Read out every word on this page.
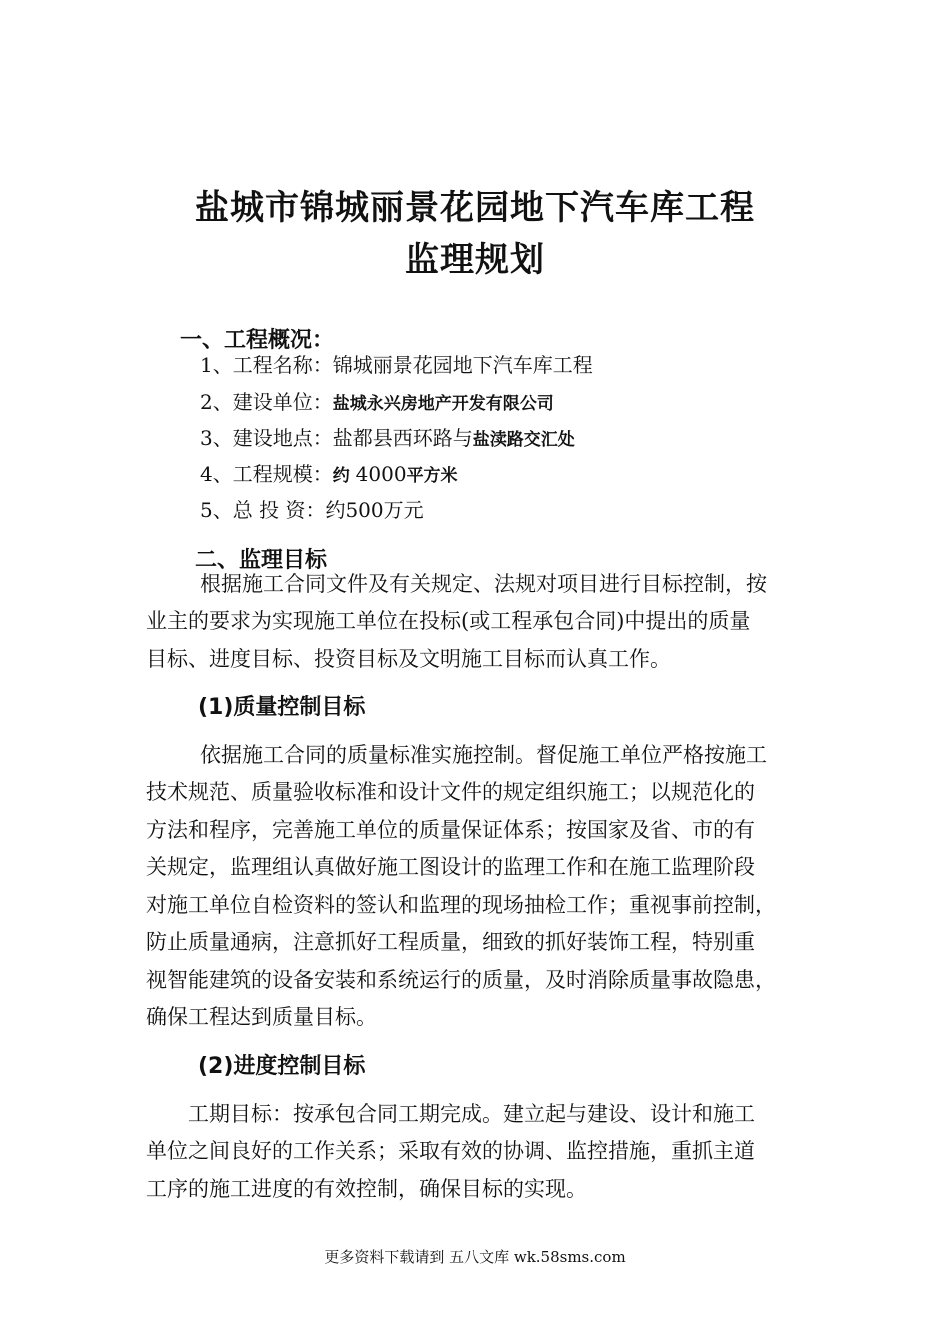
盐城市锦城丽景花园地下汽车库工程
监理规划
一、工程概况：
1、工程名称：锦城丽景花园地下汽车库工程
2、建设单位：盐城永兴房地产开发有限公司
3、建设地点：盐都县西环路与盐渎路交汇处
4、工程规模：约 4000平方米
5、总 投 资：约500万元
二、监理目标
根据施工合同文件及有关规定、法规对项目进行目标控制，按
业主的要求为实现施工单位在投标(或工程承包合同)中提出的质量
目标、进度目标、投资目标及文明施工目标而认真工作。
(1)质量控制目标
依据施工合同的质量标准实施控制。督促施工单位严格按施工
技术规范、质量验收标准和设计文件的规定组织施工；以规范化的
方法和程序，完善施工单位的质量保证体系；按国家及省、市的有
关规定，监理组认真做好施工图设计的监理工作和在施工监理阶段
对施工单位自检资料的签认和监理的现场抽检工作；重视事前控制，
防止质量通病，注意抓好工程质量，细致的抓好装饰工程，特别重
视智能建筑的设备安装和系统运行的质量，及时消除质量事故隐患，
确保工程达到质量目标。
(2)进度控制目标
工期目标：按承包合同工期完成。建立起与建设、设计和施工
单位之间良好的工作关系；采取有效的协调、监控措施，重抓主道
工序的施工进度的有效控制，确保目标的实现。
更多资料下载请到 五八文库 wk.58sms.com
